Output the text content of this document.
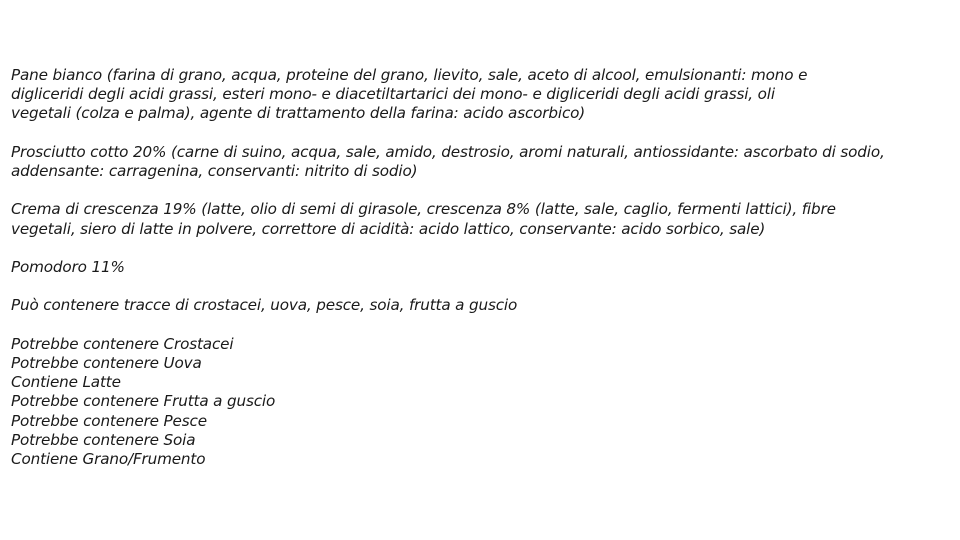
Pane bianco (farina di grano, acqua, proteine del grano, lievito, sale, aceto di alcool, emulsionanti: mono e
digliceridi degli acidi grassi, esteri mono- e diacetiltartarici dei mono- e digliceridi degli acidi grassi, oli
vegetali (colza e palma), agente di trattamento della farina: acido ascorbico)

Prosciutto cotto 20% (carne di suino, acqua, sale, amido, destrosio, aromi naturali, antiossidante: ascorbato di sodio,
addensante: carragenina, conservanti: nitrito di sodio)

Crema di crescenza 19% (latte, olio di semi di girasole, crescenza 8% (latte, sale, caglio, fermenti lattici), fibre
vegetali, siero di latte in polvere, correttore di acidità: acido lattico, conservante: acido sorbico, sale)

Pomodoro 11%

Può contenere tracce di crostacei, uova, pesce, soia, frutta a guscio

Potrebbe contenere Crostacei
Potrebbe contenere Uova
Contiene Latte
Potrebbe contenere Frutta a guscio
Potrebbe contenere Pesce
Potrebbe contenere Soia
Contiene Grano/Frumento
